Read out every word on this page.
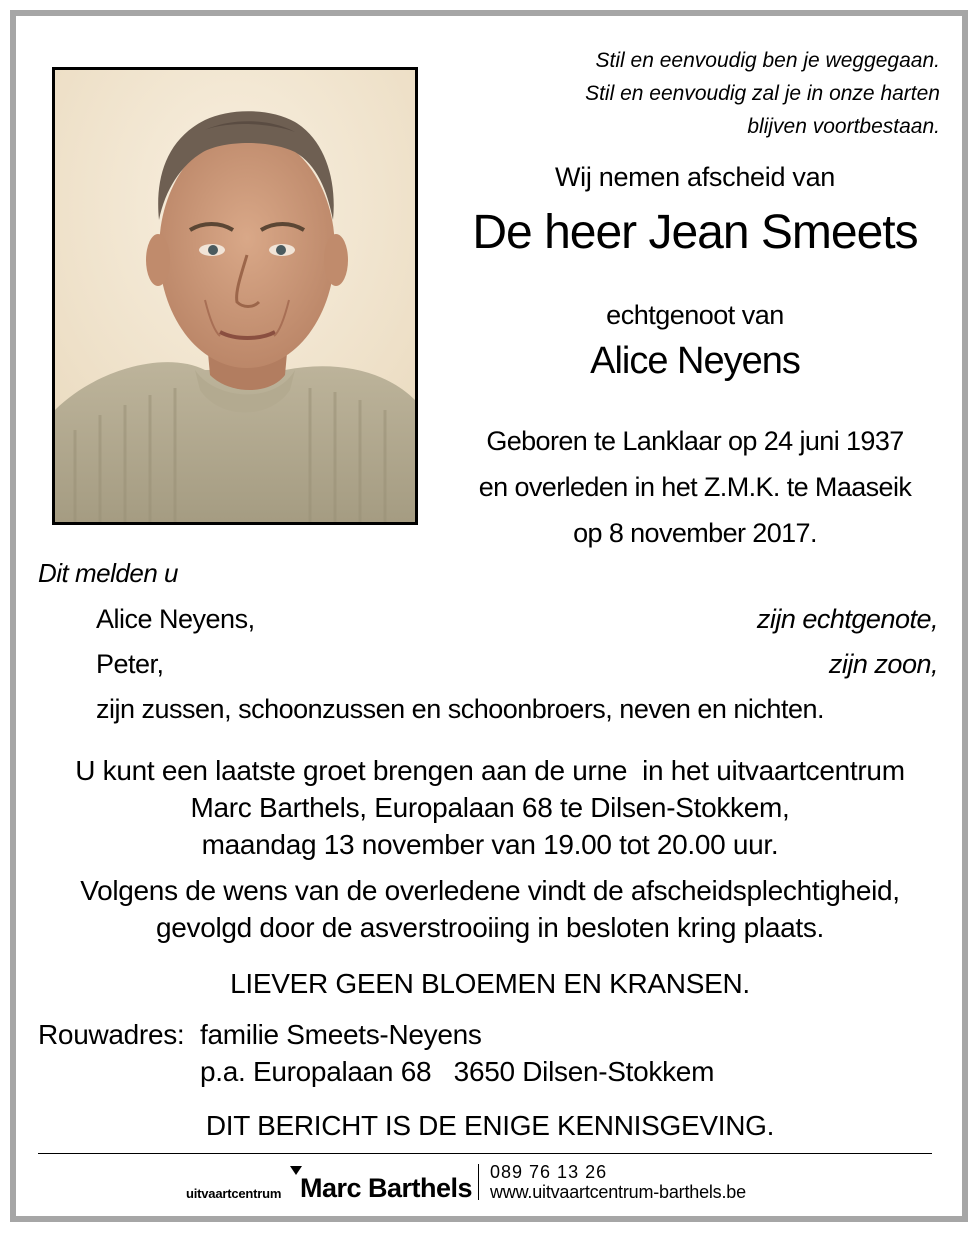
Stil en eenvoudig ben je weggegaan.
Stil en eenvoudig zal je in onze harten
blijven voortbestaan.
Wij nemen afscheid van
De heer Jean Smeets
echtgenoot van
Alice Neyens
Geboren te Lanklaar op 24 juni 1937
en overleden in het Z.M.K. te Maaseik
op 8 november 2017.
Dit melden u
Alice Neyens,	zijn echtgenote,
Peter,	zijn zoon,
zijn zussen, schoonzussen en schoonbroers, neven en nichten.
U kunt een laatste groet brengen aan de urne  in het uitvaartcentrum
Marc Barthels, Europalaan 68 te Dilsen-Stokkem,
maandag 13 november van 19.00 tot 20.00 uur.
Volgens de wens van de overledene vindt de afscheidsplechtigheid,
gevolgd door de asverstrooiing in besloten kring plaats.
LIEVER GEEN BLOEMEN EN KRANSEN.
Rouwadres: familie Smeets-Neyens
p.a. Europalaan 68   3650 Dilsen-Stokkem
DIT BERICHT IS DE ENIGE KENNISGEVING.
uitvaartcentrum Marc Barthels
089 76 13 26
www.uitvaartcentrum-barthels.be
